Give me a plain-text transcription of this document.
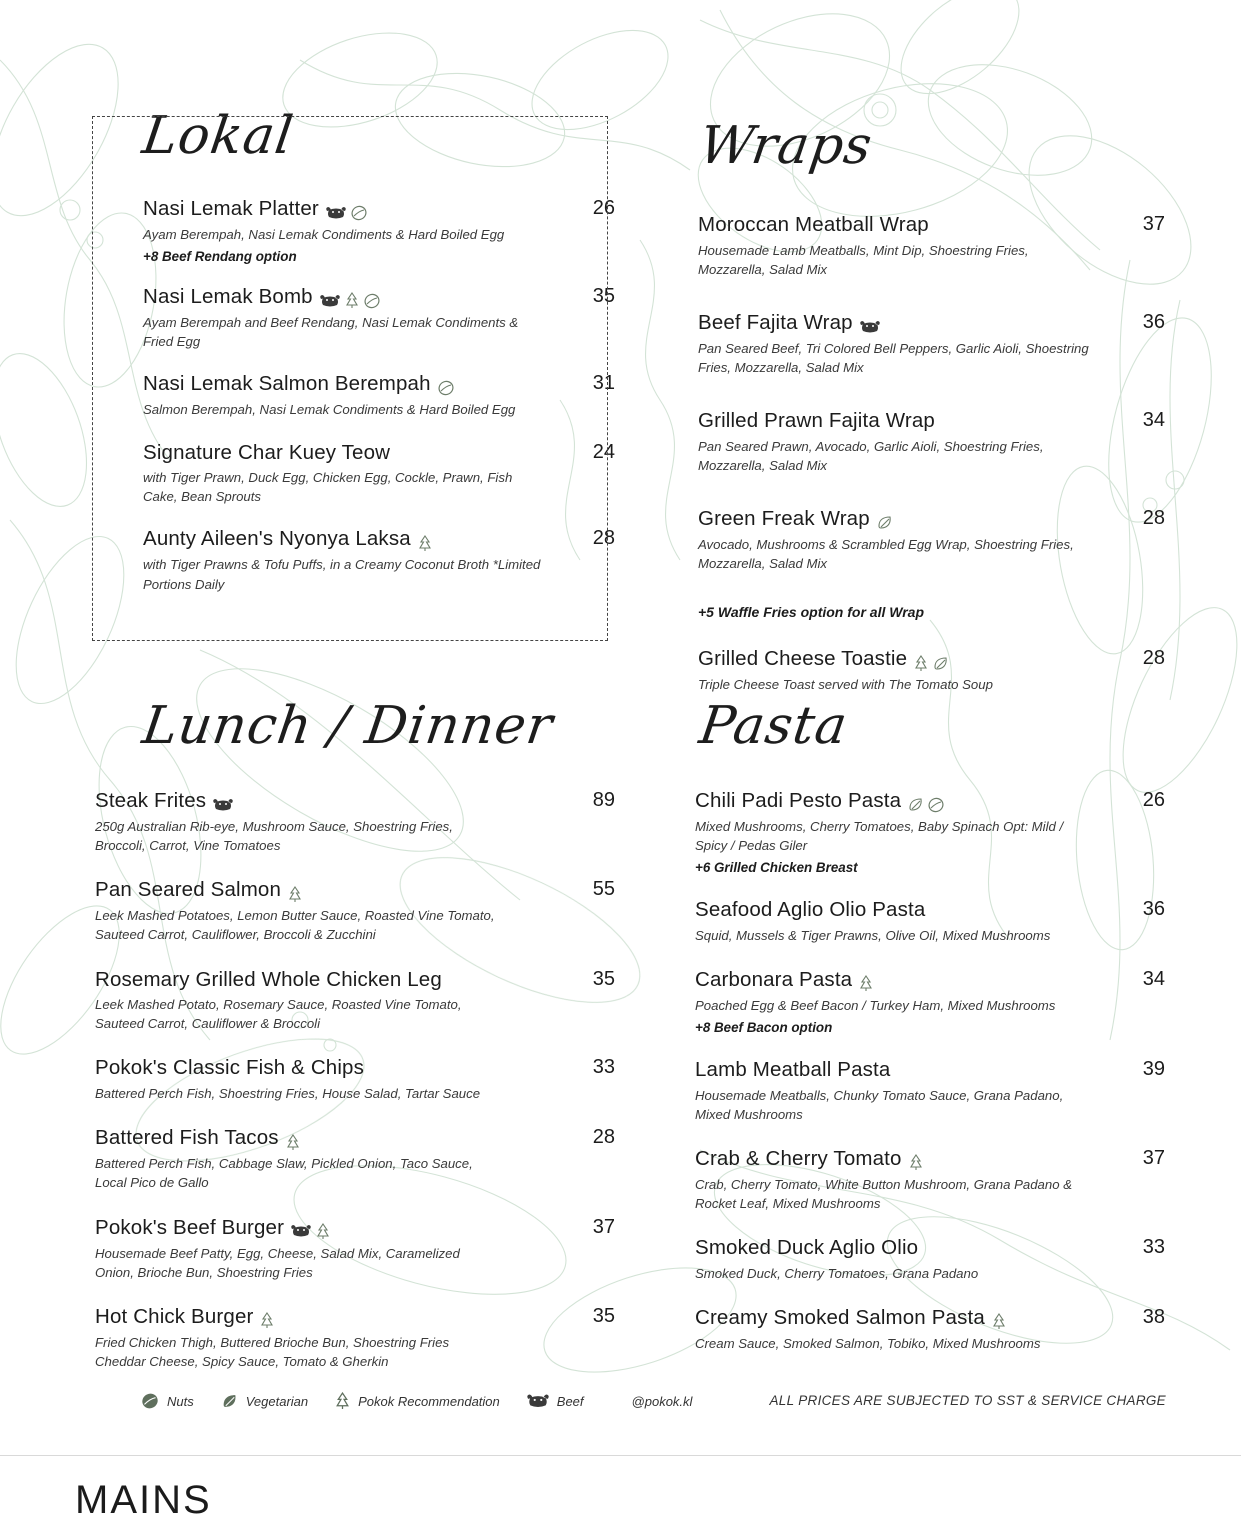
Lokal
Nasi Lemak Platter	26
Ayam Berempah, Nasi Lemak Condiments & Hard Boiled Egg
+8 Beef Rendang option
Nasi Lemak Bomb	35
Ayam Berempah and Beef Rendang, Nasi Lemak Condiments & Fried Egg
Nasi Lemak Salmon Berempah	31
Salmon Berempah, Nasi Lemak Condiments & Hard Boiled Egg
Signature Char Kuey Teow	24
with Tiger Prawn, Duck Egg, Chicken Egg, Cockle, Prawn, Fish Cake, Bean Sprouts
Aunty Aileen's Nyonya Laksa	28
with Tiger Prawns & Tofu Puffs, in a Creamy Coconut Broth *Limited Portions Daily
Lunch / Dinner
Steak Frites	89
250g Australian Rib-eye, Mushroom Sauce, Shoestring Fries, Broccoli, Carrot, Vine Tomatoes
Pan Seared Salmon	55
Leek Mashed Potatoes, Lemon Butter Sauce, Roasted Vine Tomato, Sauteed Carrot, Cauliflower, Broccoli & Zucchini
Rosemary Grilled Whole Chicken Leg	35
Leek Mashed Potato, Rosemary Sauce, Roasted Vine Tomato, Sauteed Carrot, Cauliflower & Broccoli
Pokok's Classic Fish & Chips	33
Battered Perch Fish, Shoestring Fries, House Salad, Tartar Sauce
Battered Fish Tacos	28
Battered Perch Fish, Cabbage Slaw, Pickled Onion, Taco Sauce, Local Pico de Gallo
Pokok's Beef Burger	37
Housemade Beef Patty, Egg, Cheese, Salad Mix, Caramelized Onion, Brioche Bun, Shoestring Fries
Hot Chick Burger	35
Fried Chicken Thigh, Buttered Brioche Bun, Shoestring Fries Cheddar Cheese, Spicy Sauce, Tomato & Gherkin
Wraps
Moroccan Meatball Wrap	37
Housemade Lamb Meatballs, Mint Dip, Shoestring Fries, Mozzarella, Salad Mix
Beef Fajita Wrap	36
Pan Seared Beef, Tri Colored Bell Peppers, Garlic Aioli, Shoestring Fries, Mozzarella, Salad Mix
Grilled Prawn Fajita Wrap	34
Pan Seared Prawn, Avocado, Garlic Aioli, Shoestring Fries, Mozzarella, Salad Mix
Green Freak Wrap	28
Avocado, Mushrooms & Scrambled Egg Wrap, Shoestring Fries, Mozzarella, Salad Mix
+5 Waffle Fries option for all Wrap
Grilled Cheese Toastie	28
Triple Cheese Toast served with The Tomato Soup
Pasta
Chili Padi Pesto Pasta	26
Mixed Mushrooms, Cherry Tomatoes, Baby Spinach Opt: Mild / Spicy / Pedas Giler
+6 Grilled Chicken Breast
Seafood Aglio Olio Pasta	36
Squid, Mussels & Tiger Prawns, Olive Oil, Mixed Mushrooms
Carbonara Pasta	34
Poached Egg & Beef Bacon / Turkey Ham, Mixed Mushrooms
+8 Beef Bacon option
Lamb Meatball Pasta	39
Housemade Meatballs, Chunky Tomato Sauce, Grana Padano, Mixed Mushrooms
Crab & Cherry Tomato	37
Crab, Cherry Tomato, White Button Mushroom, Grana Padano & Rocket Leaf, Mixed Mushrooms
Smoked Duck Aglio Olio	33
Smoked Duck, Cherry Tomatoes, Grana Padano
Creamy Smoked Salmon Pasta	38
Cream Sauce, Smoked Salmon, Tobiko, Mixed Mushrooms
Nuts	Vegetarian	Pokok Recommendation	Beef	@pokok.kl	ALL PRICES ARE SUBJECTED TO SST & SERVICE CHARGE
MAINS
